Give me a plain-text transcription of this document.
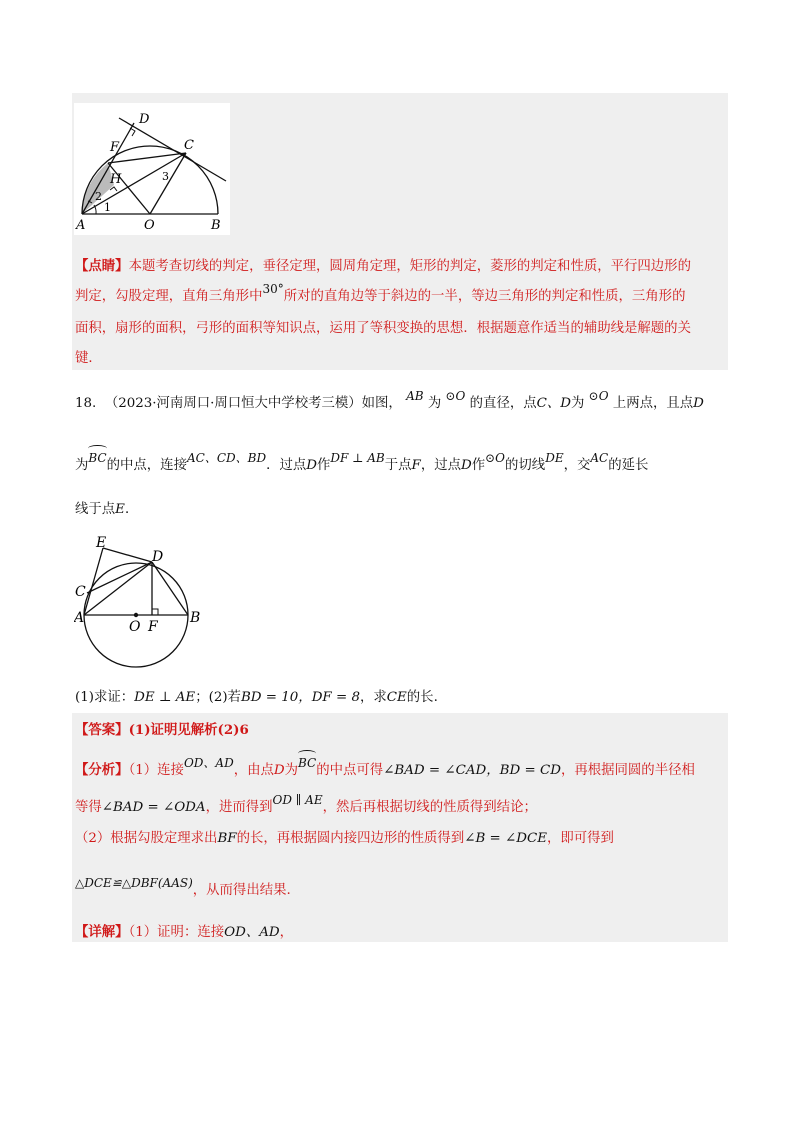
D
F	C
H
2
3
1
A	O	B
【点睛】本题考查切线的判定，垂径定理，圆周角定理，矩形的判定，菱形的判定和性质，平行四边形的
判定，勾股定理，直角三角形中30°所对的直角边等于斜边的一半，等边三角形的判定和性质，三角形的
面积，扇形的面积，弓形的面积等知识点，运用了等积变换的思想．根据题意作适当的辅助线是解题的关
键．
18. （2023·河南周口·周口恒大中学校考三模）如图， AB 为 ⊙O 的直径，点C、D为 ⊙O 上两点，且点D
为BC的中点，连接AC、CD、BD．过点D作DF ⊥ AB于点F，过点D作⊙O的切线DE，交AC的延长
线于点E．
E
D
C
A
O F
B
(1)求证：DE ⊥ AE；(2)若BD = 10，DF = 8，求CE的长.
【答案】(1)证明见解析(2)6
【分析】（1）连接OD、AD，由点D为BC的中点可得∠BAD = ∠CAD，BD = CD，再根据同圆的半径相
等得∠BAD = ∠ODA，进而得到OD ∥ AE，然后再根据切线的性质得到结论；
（2）根据勾股定理求出BF的长，再根据圆内接四边形的性质得到∠B = ∠DCE，即可得到
△DCE≌△DBF(AAS)，从而得出结果.
【详解】（1）证明：连接OD、AD，
